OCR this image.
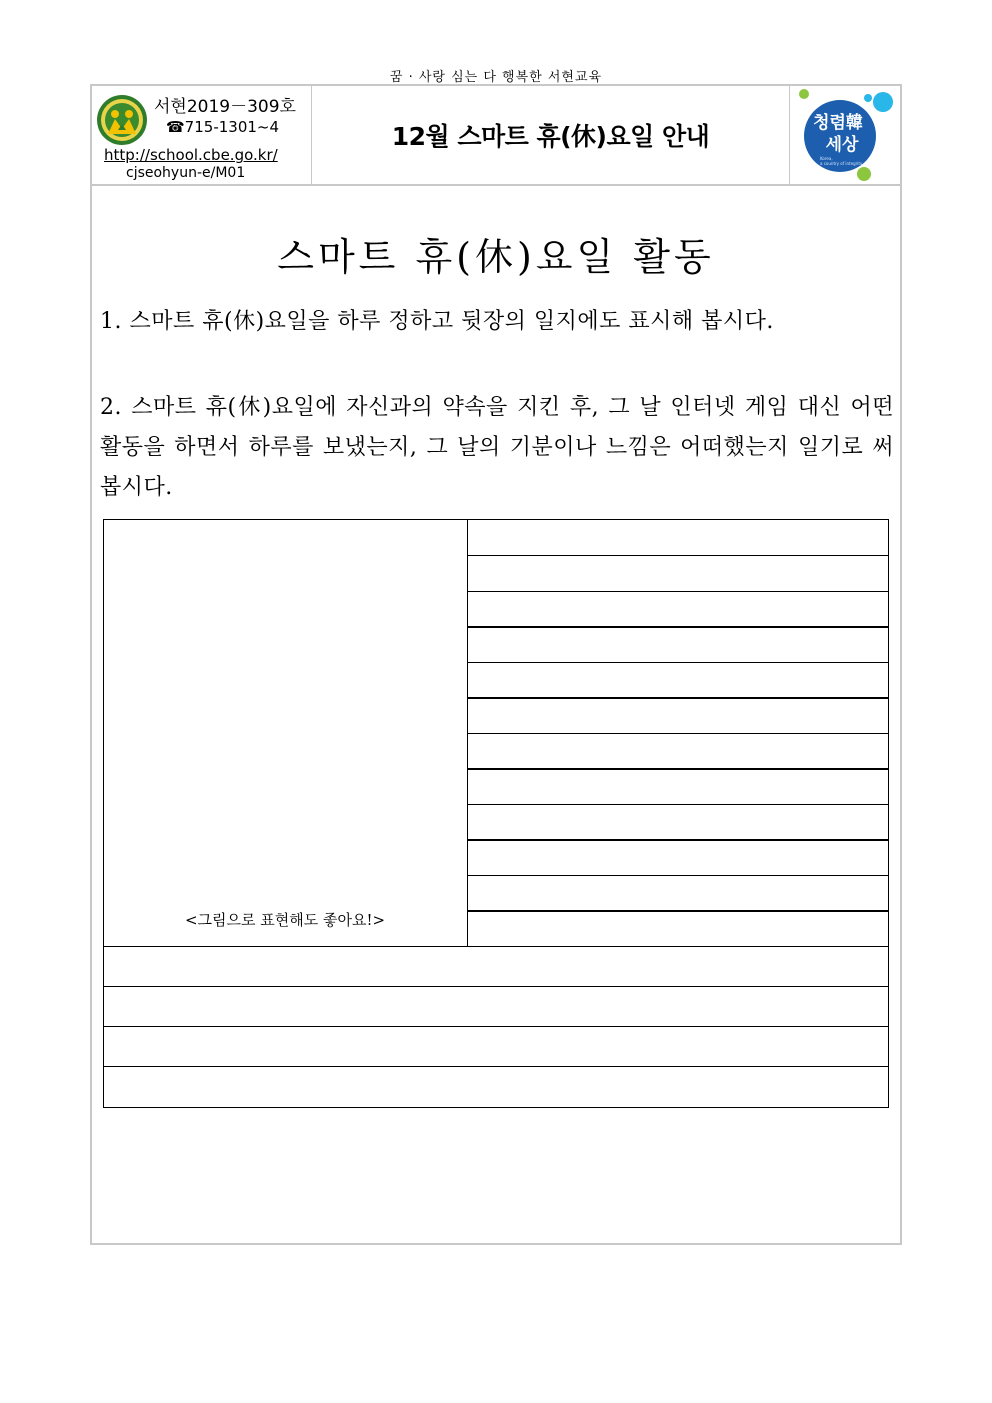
꿈 · 사랑 심는 다 행복한 서현교육
서현2019－309호
☎715-1301~4
http://school.cbe.go.kr/
cjseohyun-e/M01
12월 스마트 휴(休)요일 안내	청렴韓
세상
Korea,
a country of integrity
스마트 휴(休)요일 활동
1. 스마트 휴(休)요일을 하루 정하고 뒷장의 일지에도 표시해 봅시다.
2. 스마트 휴(休)요일에 자신과의 약속을 지킨 후, 그 날 인터넷 게임 대신 어떤 활동을 하면서 하루를 보냈는지, 그 날의 기분이나 느낌은 어떠했는지 일기로 써 봅시다.
<그림으로 표현해도 좋아요!>
